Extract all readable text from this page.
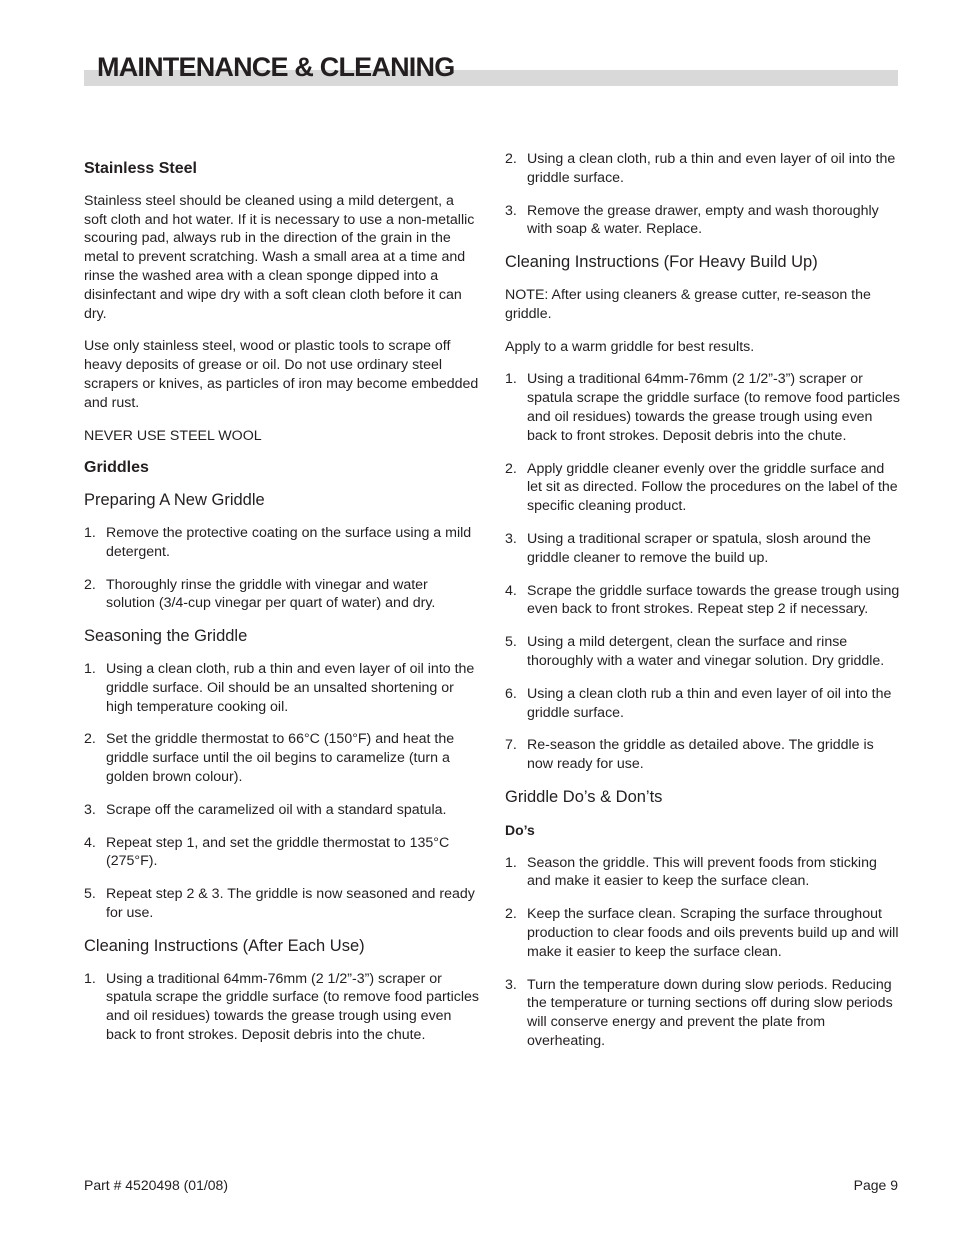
MAINTENANCE & CLEANING
Stainless Steel

Stainless steel should be cleaned using a mild detergent, a soft cloth and hot water. If it is necessary to use a non-metallic scouring pad, always rub in the direction of the grain in the metal to prevent scratching. Wash a small area at a time and rinse the washed area with a clean sponge dipped into a disinfectant and wipe dry with a soft clean cloth before it can dry.

Use only stainless steel, wood or plastic tools to scrape off heavy deposits of grease or oil. Do not use ordinary steel scrapers or knives, as particles of iron may become embedded and rust.

NEVER USE STEEL WOOL

Griddles
Preparing A New Griddle
1. Remove the protective coating on the surface using a mild detergent.
2. Thoroughly rinse the griddle with vinegar and water solution (3/4-cup vinegar per quart of water) and dry.
Seasoning the Griddle
1. Using a clean cloth, rub a thin and even layer of oil into the griddle surface. Oil should be an unsalted shortening or high temperature cooking oil.
2. Set the griddle thermostat to 66°C (150°F) and heat the griddle surface until the oil begins to caramelize (turn a golden brown colour).
3. Scrape off the caramelized oil with a standard spatula.
4. Repeat step 1, and set the griddle thermostat to 135°C (275°F).
5. Repeat step 2 & 3. The griddle is now seasoned and ready for use.
Cleaning Instructions (After Each Use)
1. Using a traditional 64mm-76mm (2 1/2”-3”) scraper or spatula scrape the griddle surface (to remove food particles and oil residues) towards the grease trough using even back to front strokes. Deposit debris into the chute.
2. Using a clean cloth, rub a thin and even layer of oil into the griddle surface.
3. Remove the grease drawer, empty and wash thoroughly with soap & water. Replace.
Cleaning Instructions (For Heavy Build Up)

NOTE: After using cleaners & grease cutter, re-season the griddle.

Apply to a warm griddle for best results.

1. Using a traditional 64mm-76mm (2 1/2”-3”) scraper or spatula scrape the griddle surface (to remove food particles and oil residues) towards the grease trough using even back to front strokes. Deposit debris into the chute.
2. Apply griddle cleaner evenly over the griddle surface and let sit as directed. Follow the procedures on the label of the specific cleaning product.
3. Using a traditional scraper or spatula, slosh around the griddle cleaner to remove the build up.
4. Scrape the griddle surface towards the grease trough using even back to front strokes. Repeat step 2 if necessary.
5. Using a mild detergent, clean the surface and rinse thoroughly with a water and vinegar solution. Dry griddle.
6. Using a clean cloth rub a thin and even layer of oil into the griddle surface.
7. Re-season the griddle as detailed above. The griddle is now ready for use.
Griddle Do’s & Don’ts
Do’s
1. Season the griddle. This will prevent foods from sticking and make it easier to keep the surface clean.
2. Keep the surface clean. Scraping the surface throughout production to clear foods and oils prevents build up and will make it easier to keep the surface clean.
3. Turn the temperature down during slow periods. Reducing the temperature or turning sections off during slow periods will conserve energy and prevent the plate from overheating.
Part # 4520498 (01/08)	Page 9
